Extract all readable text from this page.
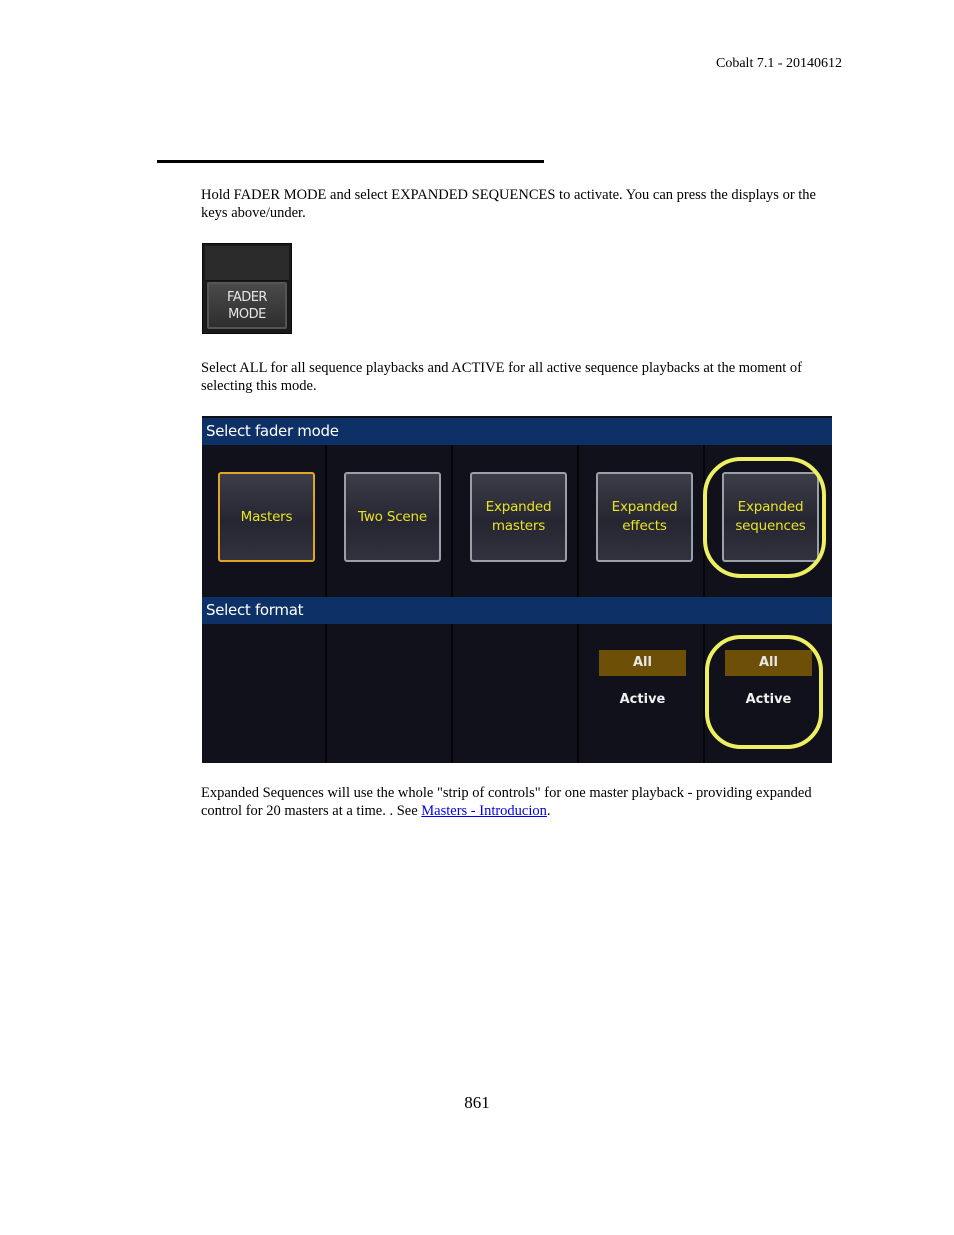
Cobalt 7.1 - 20140612
Hold FADER MODE and select EXPANDED SEQUENCES to activate. You can press the displays or the keys above/under.
FADER
MODE
Select ALL for all sequence playbacks and ACTIVE for all active sequence playbacks at the moment of selecting this mode.
Select fader mode
Masters	Two Scene
Expanded
masters
Expanded
effects
Expanded
sequences
Select format
All
Active
All
Active
Expanded Sequences will use the whole "strip of controls" for one master playback - providing expanded control for 20 masters at a time. . See Masters - Introducion.
861
